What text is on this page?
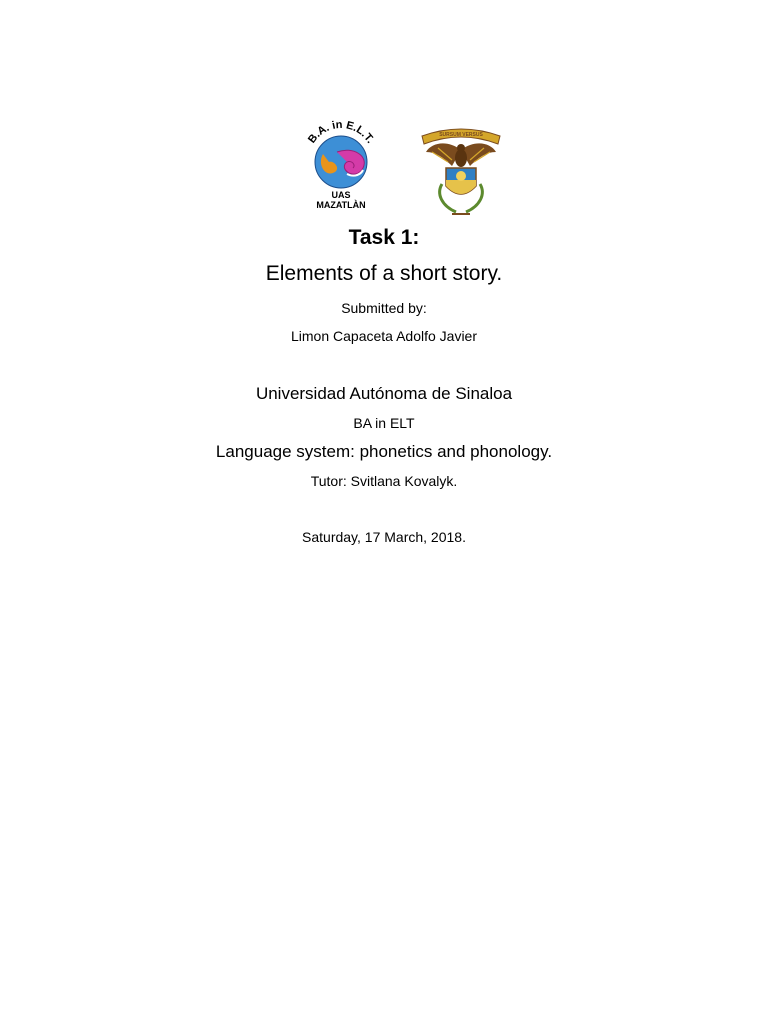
B.A. in E.L.T.
UAS
MAZATLÀN
SURSUM VERSUS
Task 1:
Elements of a short story.
Submitted by:
Limon Capaceta Adolfo Javier
Universidad Autónoma de Sinaloa
BA in ELT
Language system: phonetics and phonology.
Tutor: Svitlana Kovalyk.
Saturday, 17 March, 2018.
